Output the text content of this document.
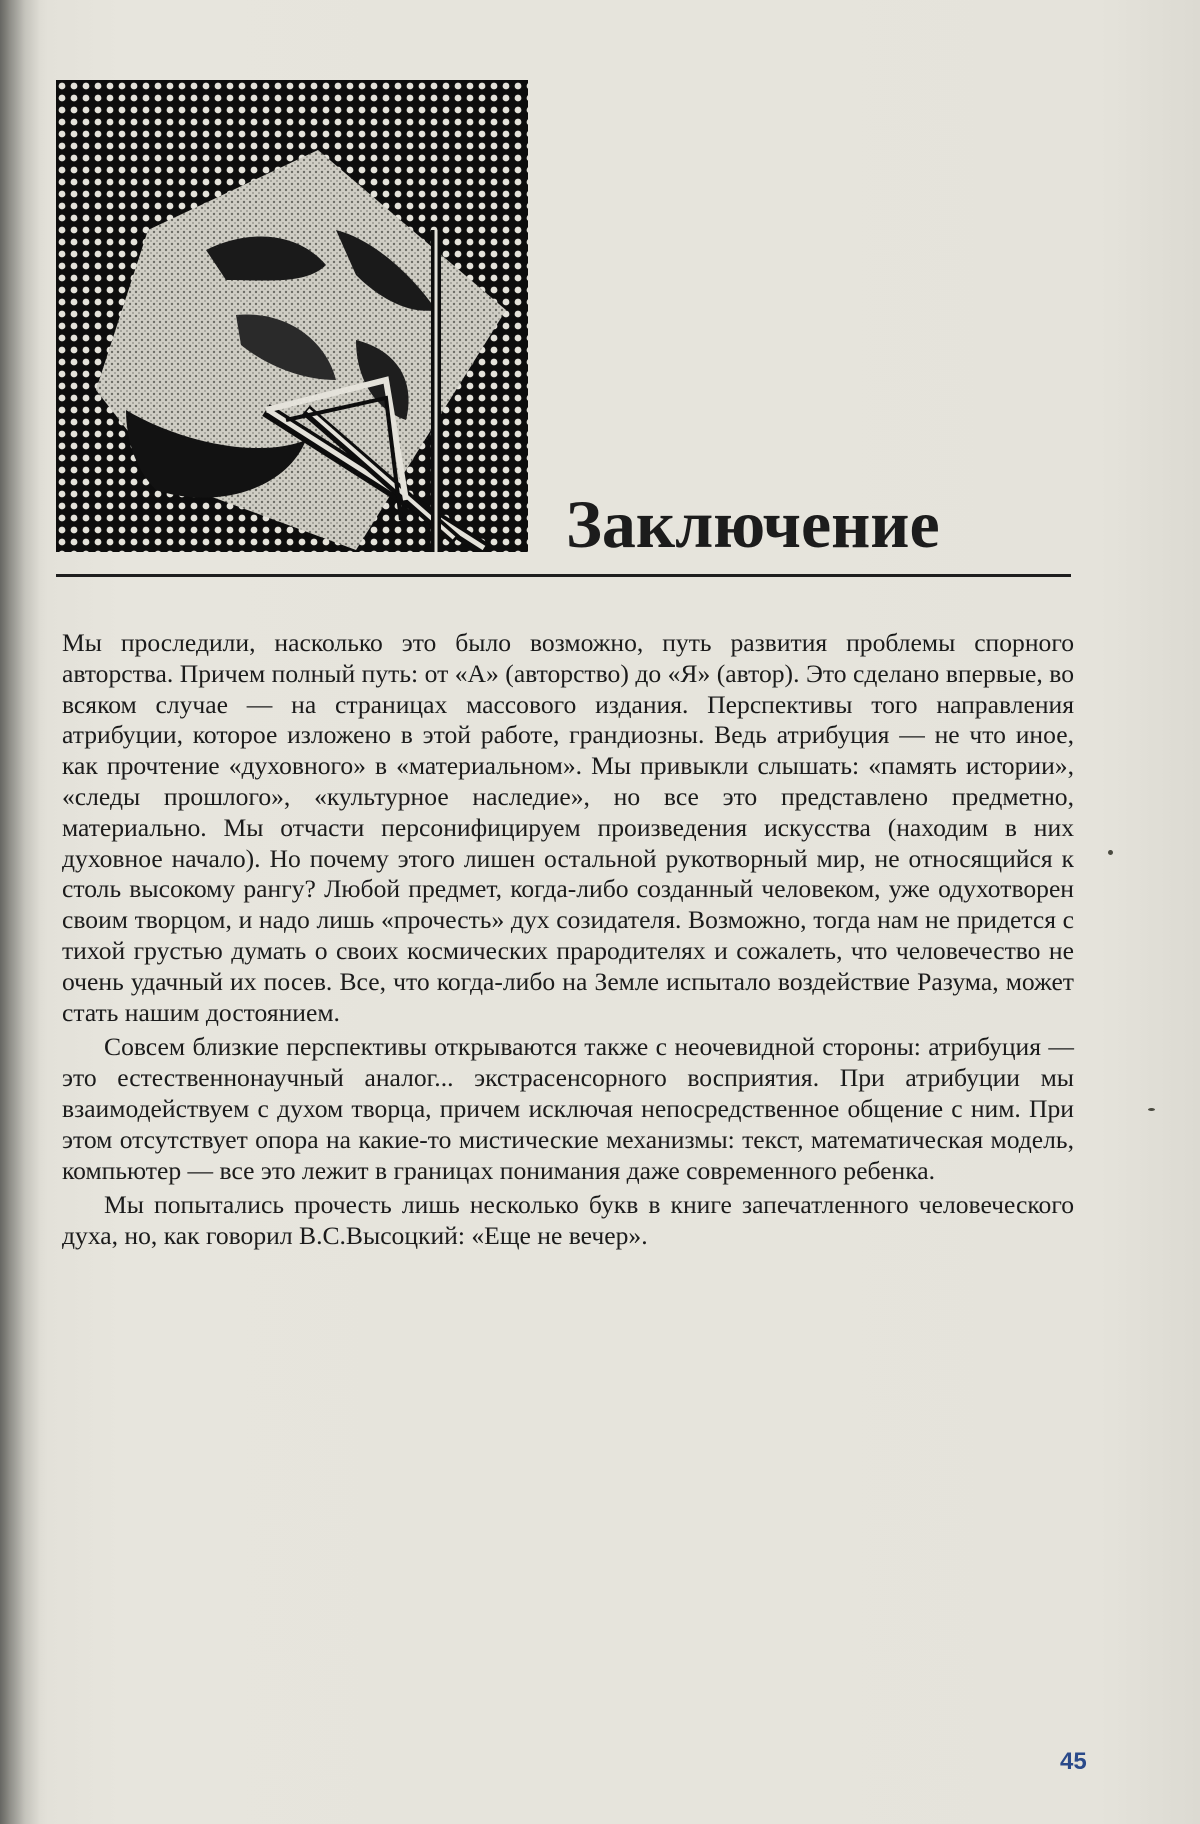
Заключение

Мы проследили, насколько это было возможно, путь развития проблемы спорного авторства. Причем полный путь: от «А» (авторство) до «Я» (автор). Это сделано впервые, во всяком случае — на страницах массового издания. Перспективы того направления атрибуции, которое изложено в этой работе, грандиозны. Ведь атрибуция — не что иное, как прочтение «духовного» в «материальном». Мы привыкли слышать: «память истории», «следы прошлого», «культурное наследие», но все это представлено предметно, материально. Мы отчасти персонифицируем произведения искусства (находим в них духовное начало). Но почему этого лишен остальной рукотворный мир, не относящийся к столь высокому рангу? Любой предмет, когда-либо созданный человеком, уже одухотворен своим творцом, и надо лишь «прочесть» дух созидателя. Возможно, тогда нам не придется с тихой грустью думать о своих космических прародителях и сожалеть, что человечество не очень удачный их посев. Все, что когда-либо на Земле испытало воздействие Разума, может стать нашим достоянием.

Совсем близкие перспективы открываются также с неочевидной стороны: атрибуция — это естественнонаучный аналог... экстрасенсорного восприятия. При атрибуции мы взаимодействуем с духом творца, причем исключая непосредственное общение с ним. При этом отсутствует опора на какие-то мистические механизмы: текст, математическая модель, компьютер — все это лежит в границах понимания даже современного ребенка.

Мы попытались прочесть лишь несколько букв в книге запечатленного человеческого духа, но, как говорил В.С.Высоцкий: «Еще не вечер».

45
